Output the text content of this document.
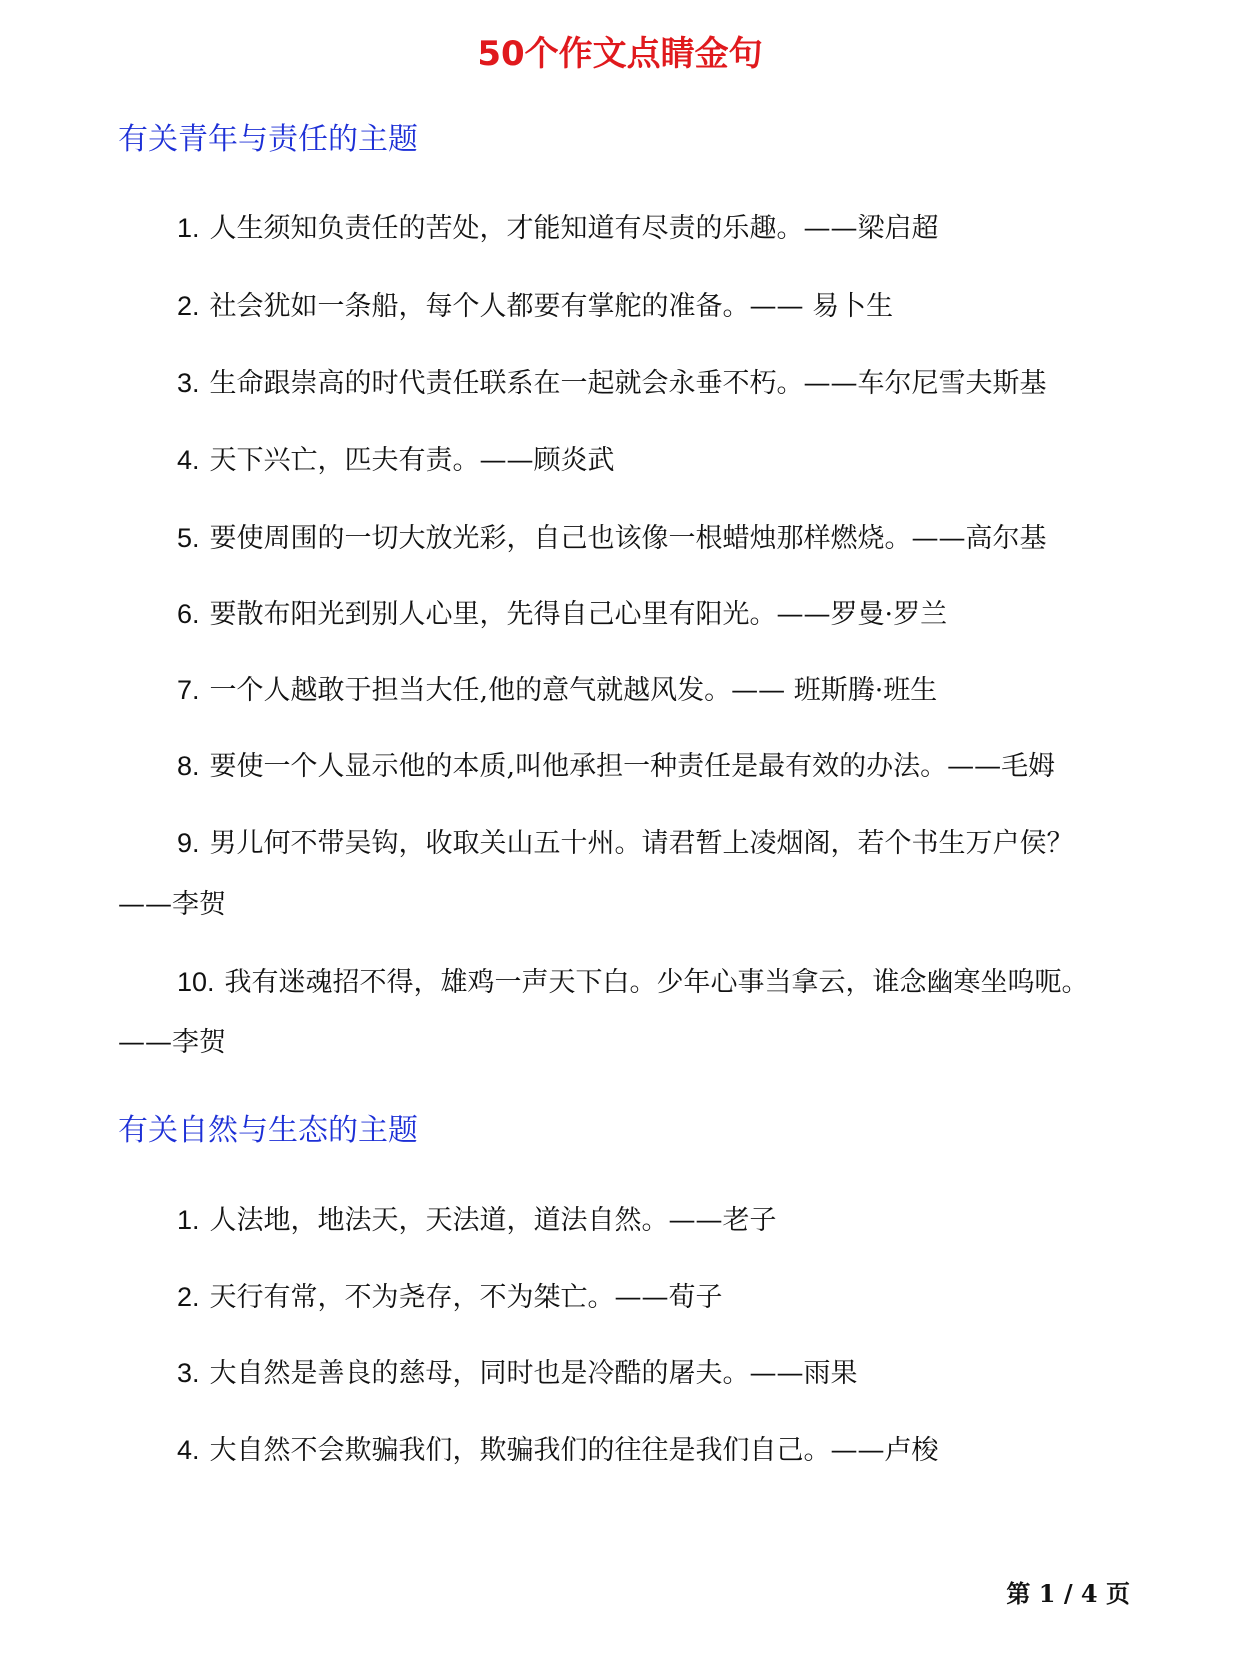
50个作文点睛金句
有关青年与责任的主题
1. 人生须知负责任的苦处，才能知道有尽责的乐趣。——梁启超
2. 社会犹如一条船，每个人都要有掌舵的准备。—— 易卜生
3. 生命跟崇高的时代责任联系在一起就会永垂不朽。——车尔尼雪夫斯基
4. 天下兴亡，匹夫有责。——顾炎武
5. 要使周围的一切大放光彩，自己也该像一根蜡烛那样燃烧。——高尔基
6. 要散布阳光到别人心里，先得自己心里有阳光。——罗曼·罗兰
7. 一个人越敢于担当大任,他的意气就越风发。—— 班斯腾·班生
8. 要使一个人显示他的本质,叫他承担一种责任是最有效的办法。——毛姆
9. 男儿何不带吴钩，收取关山五十州。请君暂上凌烟阁，若个书生万户侯？
——李贺
10. 我有迷魂招不得，雄鸡一声天下白。少年心事当拿云，谁念幽寒坐呜呃。
——李贺
有关自然与生态的主题
1. 人法地，地法天，天法道，道法自然。——老子
2. 天行有常，不为尧存，不为桀亡。——荀子
3. 大自然是善良的慈母，同时也是冷酷的屠夫。——雨果
4. 大自然不会欺骗我们，欺骗我们的往往是我们自己。——卢梭
第 1 / 4 页
